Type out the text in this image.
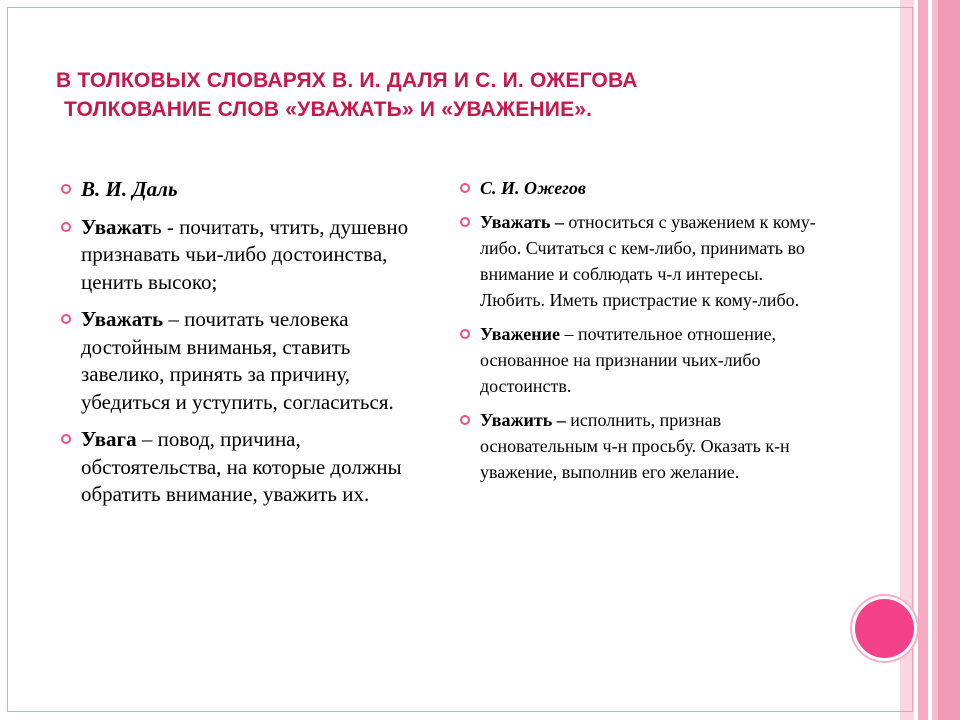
В ТОЛКОВЫХ СЛОВАРЯХ В. И. ДАЛЯ И С. И. ОЖЕГОВА
ТОЛКОВАНИЕ СЛОВ «УВАЖАТЬ» И «УВАЖЕНИЕ».
В. И. Даль
Уважать - почитать, чтить, душевно признавать чьи-либо достоинства, ценить высоко;
Уважать – почитать человека достойным вниманья, ставить завелико, принять за причину, убедиться и уступить, согласиться.
Увага – повод, причина, обстоятельства, на которые должны обратить внимание, уважить их.
С. И. Ожегов
Уважать – относиться с уважением к кому-либо. Считаться с кем-либо, принимать во внимание и соблюдать ч-л интересы. Любить. Иметь пристрастие к кому-либо.
Уважение – почтительное отношение, основанное на признании чьих-либо достоинств.
Уважить – исполнить, признав основательным ч-н просьбу. Оказать к-н уважение, выполнив его желание.
